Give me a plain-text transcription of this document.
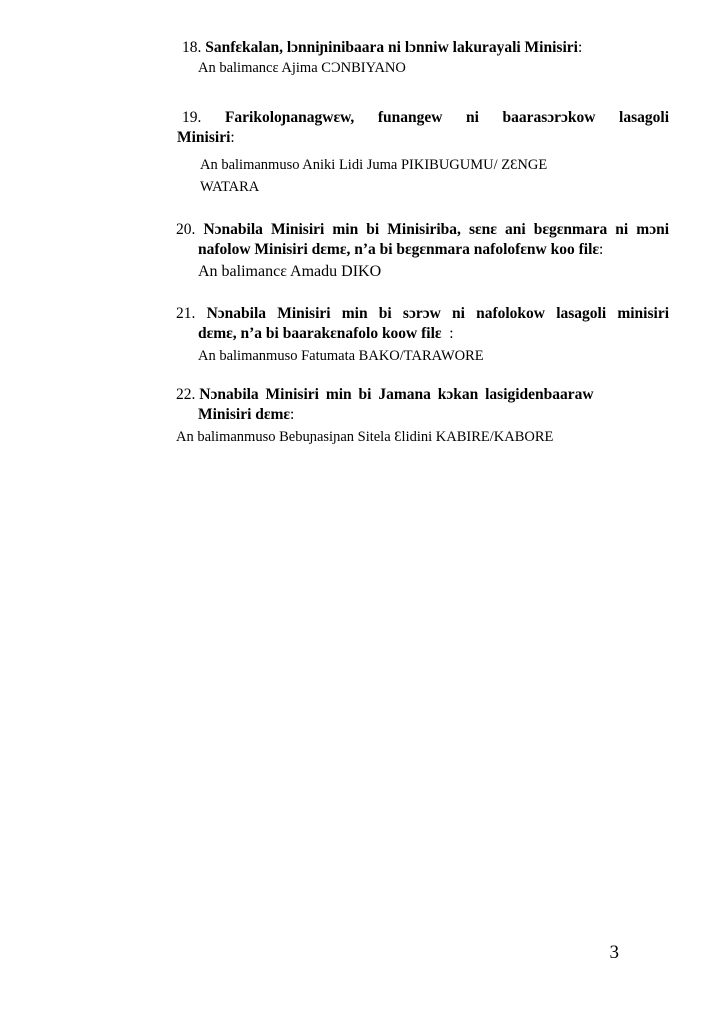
18. Sanfɛkalan, lɔnniɲinibaara ni lɔnniw lakurayali Minisiri:

An balimancɛ Ajima CƆNBIYANO

19. Farikoloɲanagwɛw, funangew ni baarasɔrɔkow lasagoli

Minisiri:

An balimanmuso Aniki Lidi Juma PIKIBUGUMU/ ZƐNGE
WATARA

20. Nɔnabila Minisiri min bi Minisiriba, sɛnɛ ani bɛgɛnmara ni mɔni

nafolow Minisiri dɛmɛ, n’a bi bɛgɛnmara nafolofɛnw koo filɛ:

An balimancɛ Amadu DIKO

21. Nɔnabila Minisiri min bi sɔrɔw ni nafolokow lasagoli minisiri

dɛmɛ, n’a bi baarakɛnafolo koow filɛ :

An balimanmuso Fatumata BAKO/TARAWORE

22. Nɔnabila Minisiri min bi Jamana kɔkan lasigidenbaaraw

Minisiri dɛmɛ:

An balimanmuso Bebuɲasiɲan Sitela Ɛlidini KABIRE/KABORE

3
